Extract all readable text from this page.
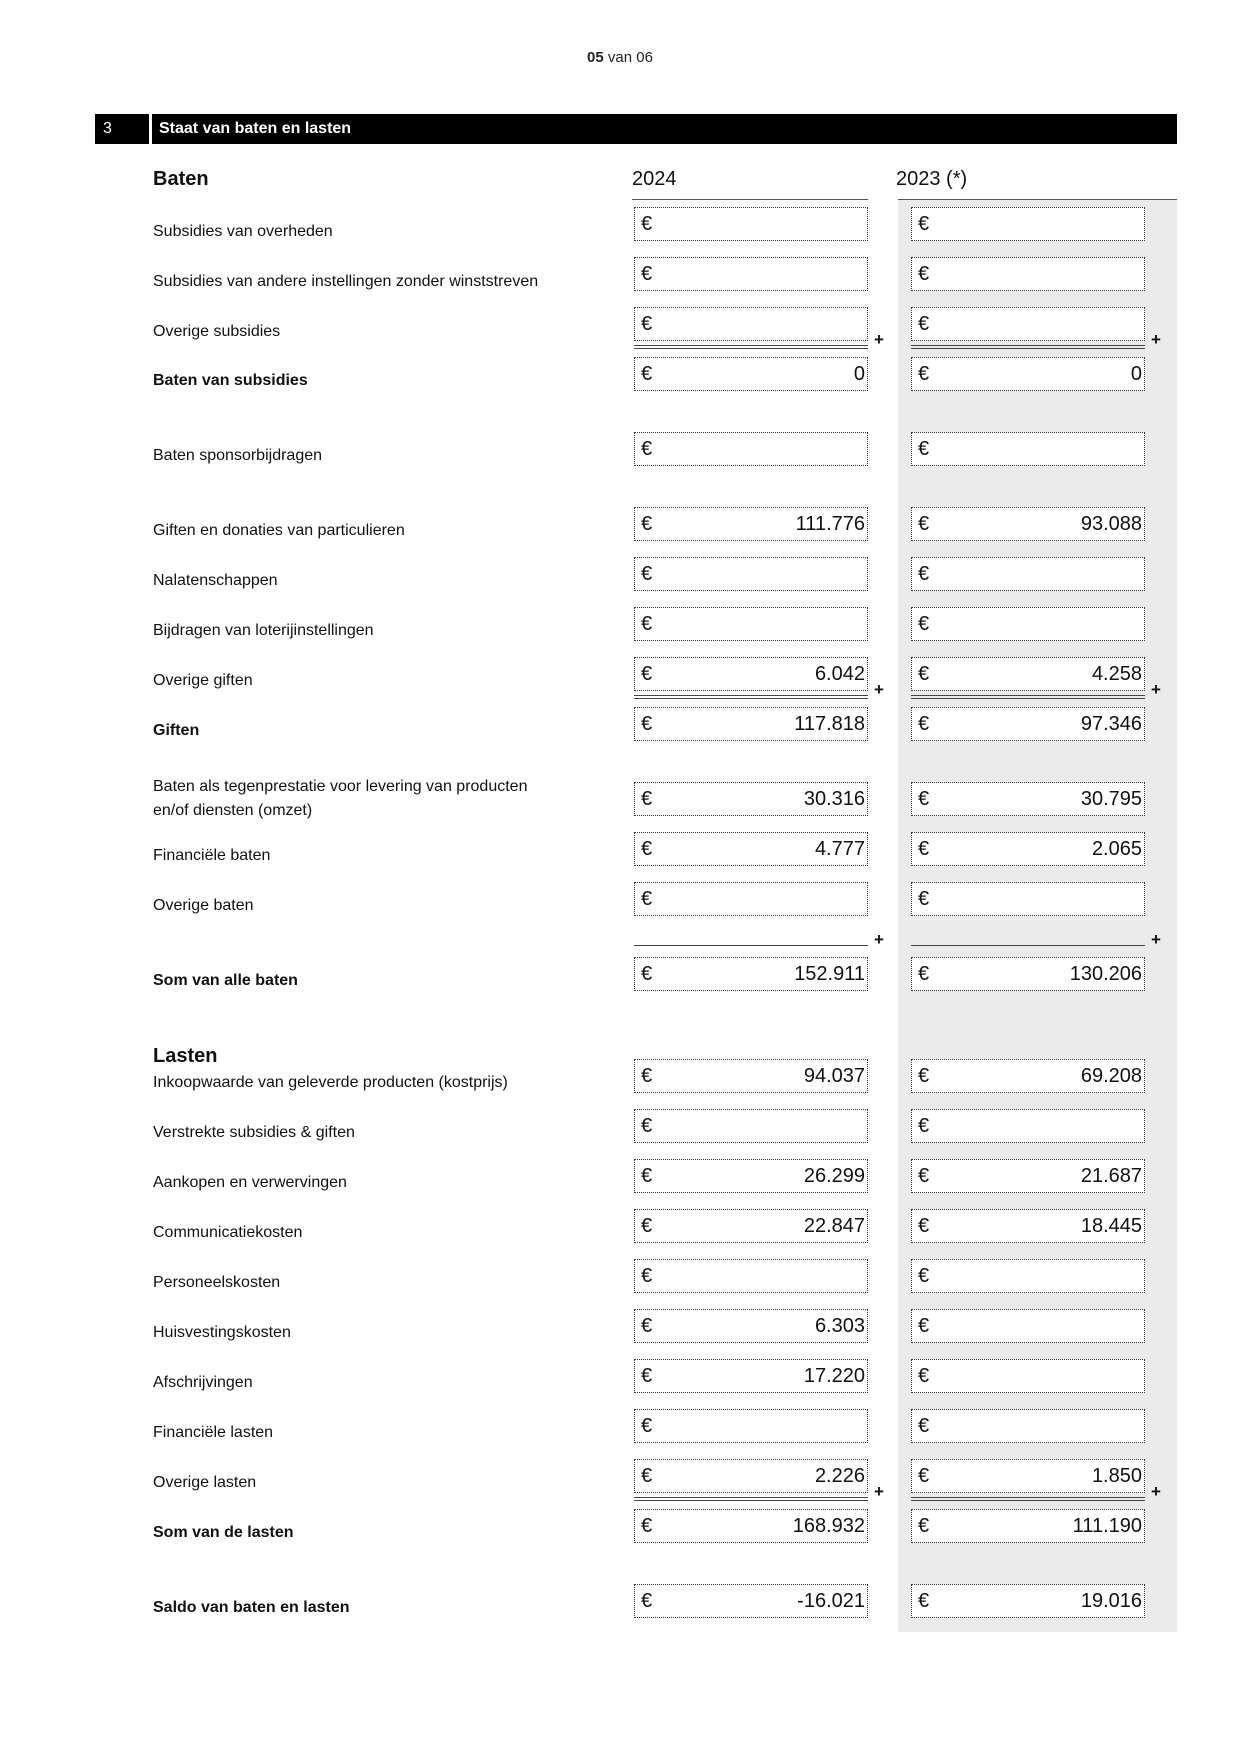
05 van 06
3	Staat van baten en lasten
Baten	2024	2023 (*)
Subsidies van overheden	€	€
Subsidies van andere instellingen zonder winststreven	€	€
Overige subsidies	€	€
+	+
Baten van subsidies	€	0	€	0
Baten sponsorbijdragen	€	€
Giften en donaties van particulieren	€	111.776	€	93.088
Nalatenschappen	€	€
Bijdragen van loterijinstellingen	€	€
Overige giften	€	6.042	€	4.258
+	+
Giften	€	117.818	€	97.346
Baten als tegenprestatie voor levering van producten
en/of diensten (omzet)
€	30.316	€	30.795
Financiële baten	€	4.777	€	2.065
Overige baten	€	€
+	+
Som van alle baten	€	152.911	€	130.206
Lasten
Inkoopwaarde van geleverde producten (kostprijs)	€	94.037	€	69.208
Verstrekte subsidies & giften	€	€
Aankopen en verwervingen	€	26.299	€	21.687
Communicatiekosten	€	22.847	€	18.445
Personeelskosten	€	€
Huisvestingskosten	€	6.303	€
Afschrijvingen	€	17.220	€
Financiële lasten	€	€
Overige lasten	€	2.226	€	1.850
+	+
Som van de lasten	€	168.932	€	111.190
Saldo van baten en lasten	€	-16.021	€	19.016
